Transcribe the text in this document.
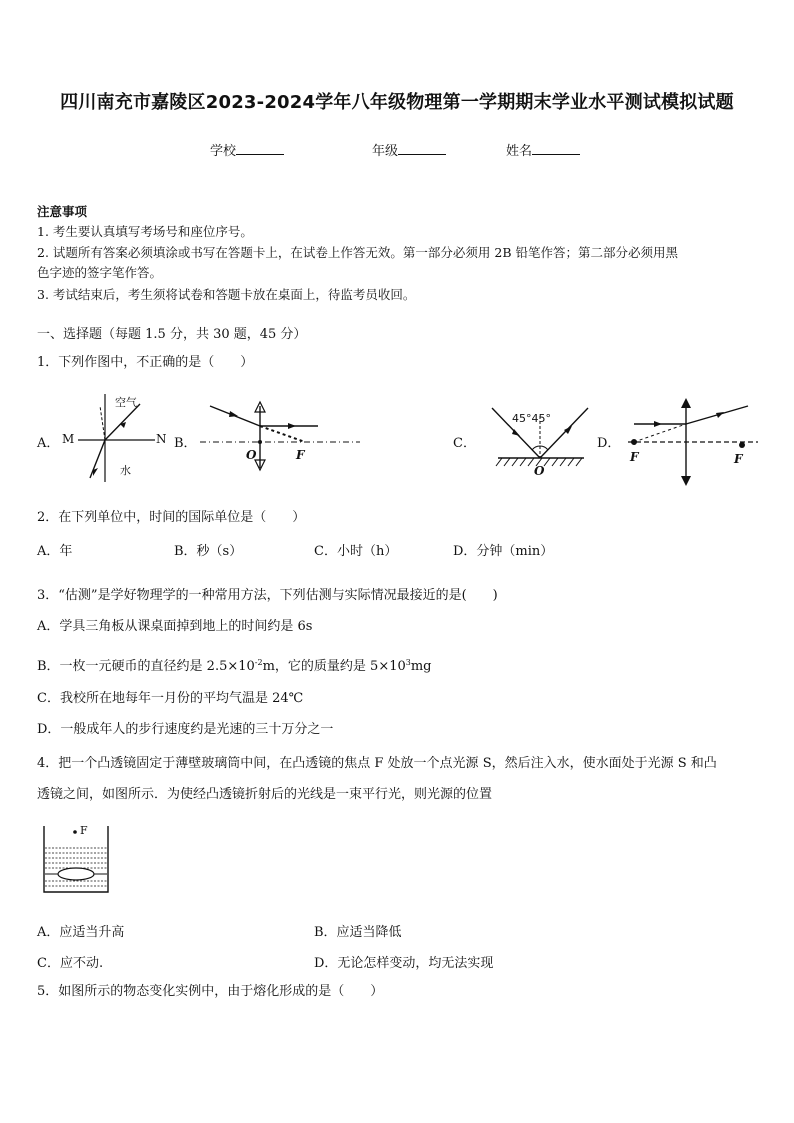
四川南充市嘉陵区2023-2024学年八年级物理第一学期期末学业水平测试模拟试题
学校	年级	姓名
注意事项
1. 考生要认真填写考场号和座位序号。
2. 试题所有答案必须填涂或书写在答题卡上，在试卷上作答无效。第一部分必须用 2B 铅笔作答；第二部分必须用黑
色字迹的签字笔作答。
3. 考试结束后，考生须将试卷和答题卡放在桌面上，待监考员收回。
一、选择题（每题 1.5 分，共 30 题，45 分）
1．下列作图中，不正确的是（　　）
A．
空气
水
M	N B．
O	F
C．
45°45°
O
D．
F	F
2．在下列单位中，时间的国际单位是（　　）
A．年	B．秒（s）	C．小时（h）	D．分钟（min）
3．“估测”是学好物理学的一种常用方法，下列估测与实际情况最接近的是(　　)
A．学具三角板从课桌面掉到地上的时间约是 6s
B．一枚一元硬币的直径约是 $2.5\times 10^{-2}m$，它的质量约是 $5\times 10^3mg$
C．我校所在地每年一月份的平均气温是 24℃
D．一般成年人的步行速度约是光速的三十万分之一
4．把一个凸透镜固定于薄壁玻璃筒中间，在凸透镜的焦点 F 处放一个点光源 S，然后注入水，使水面处于光源 S 和凸
透镜之间，如图所示．为使经凸透镜折射后的光线是一束平行光，则光源的位置
F
A．应适当升高	B．应适当降低
C．应不动.	D．无论怎样变动，均无法实现
5．如图所示的物态变化实例中，由于熔化形成的是（　　）
